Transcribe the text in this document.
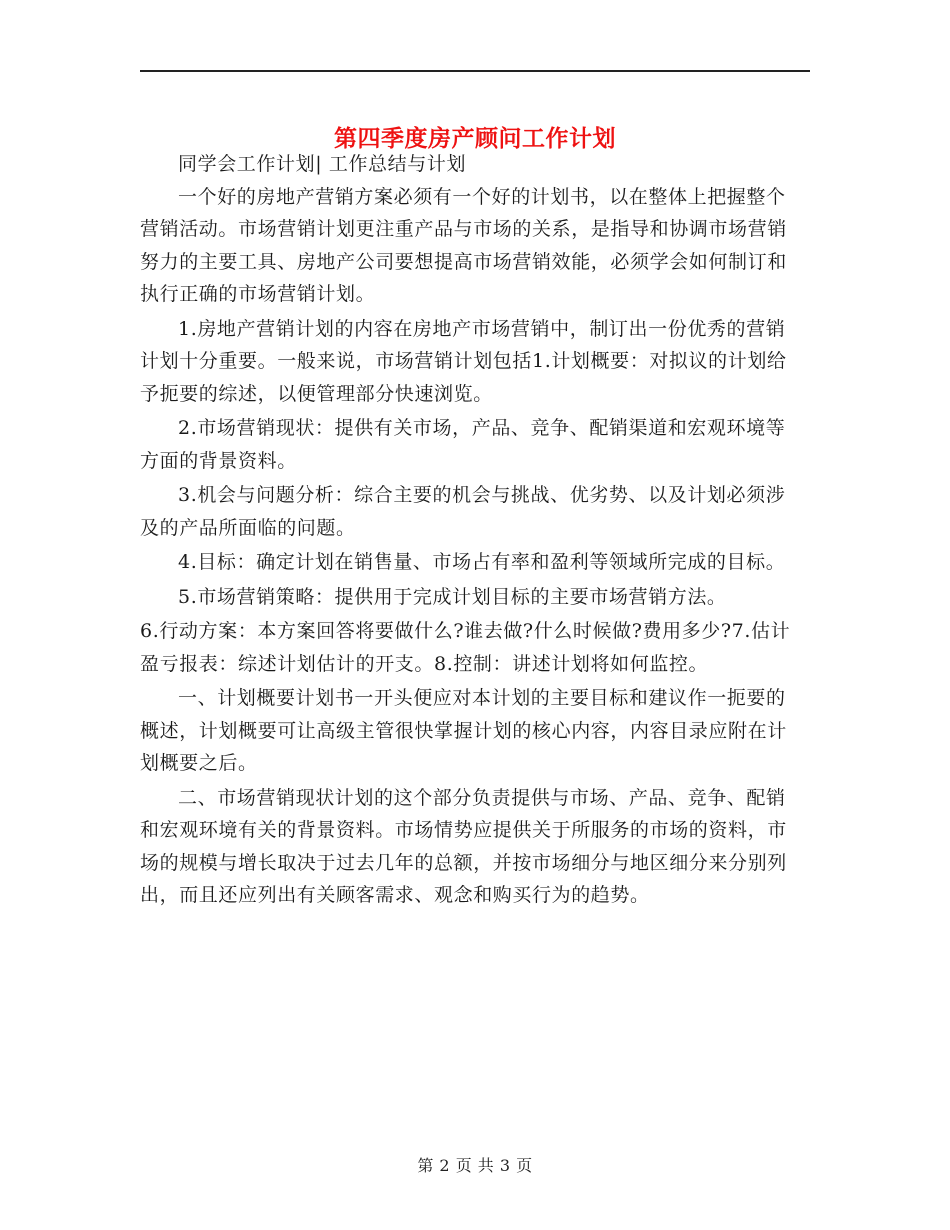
第四季度房产顾问工作计划

同学会工作计划| 工作总结与计划

一个好的房地产营销方案必须有一个好的计划书，以在整体上把握整个营销活动。市场营销计划更注重产品与市场的关系，是指导和协调市场营销努力的主要工具、房地产公司要想提高市场营销效能，必须学会如何制订和执行正确的市场营销计划。

1.房地产营销计划的内容在房地产市场营销中，制订出一份优秀的营销计划十分重要。一般来说，市场营销计划包括1.计划概要：对拟议的计划给予扼要的综述，以便管理部分快速浏览。

2.市场营销现状：提供有关市场，产品、竞争、配销渠道和宏观环境等方面的背景资料。

3.机会与问题分析：综合主要的机会与挑战、优劣势、以及计划必须涉及的产品所面临的问题。

4.目标：确定计划在销售量、市场占有率和盈利等领域所完成的目标。

5.市场营销策略：提供用于完成计划目标的主要市场营销方法。

6.行动方案：本方案回答将要做什么?谁去做?什么时候做?费用多少?7.估计盈亏报表：综述计划估计的开支。8.控制：讲述计划将如何监控。

一、计划概要计划书一开头便应对本计划的主要目标和建议作一扼要的概述，计划概要可让高级主管很快掌握计划的核心内容，内容目录应附在计划概要之后。

二、市场营销现状计划的这个部分负责提供与市场、产品、竞争、配销和宏观环境有关的背景资料。市场情势应提供关于所服务的市场的资料，市场的规模与增长取决于过去几年的总额，并按市场细分与地区细分来分别列出，而且还应列出有关顾客需求、观念和购买行为的趋势。

第 2 页 共 3 页
